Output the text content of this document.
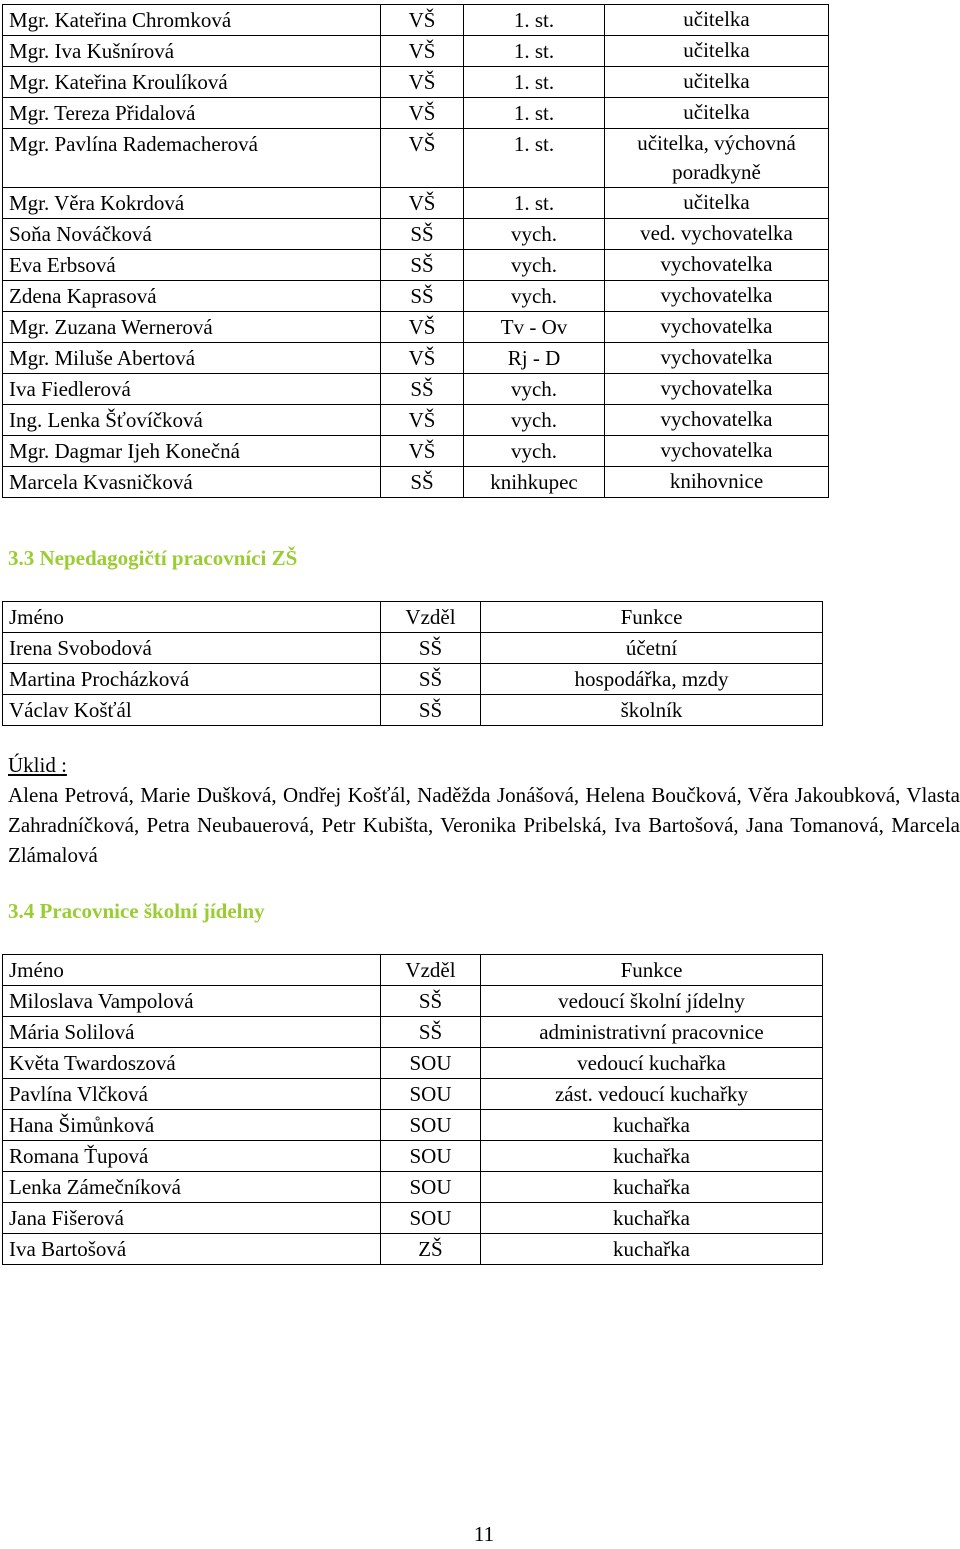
Mgr. Kateřina Chromková	VŠ	1. st.	učitelka
Mgr. Iva Kušnírová	VŠ	1. st.	učitelka
Mgr. Kateřina Kroulíková	VŠ	1. st.	učitelka
Mgr. Tereza Přidalová	VŠ	1. st.	učitelka
Mgr. Pavlína Rademacherová	VŠ	1. st.	učitelka, výchovná poradkyně
Mgr. Věra Kokrdová	VŠ	1. st.	učitelka
Soňa Nováčková	SŠ	vych.	ved. vychovatelka
Eva Erbsová	SŠ	vych.	vychovatelka
Zdena Kaprasová	SŠ	vych.	vychovatelka
Mgr. Zuzana Wernerová	VŠ	Tv - Ov	vychovatelka
Mgr. Miluše Abertová	VŠ	Rj - D	vychovatelka
Iva Fiedlerová	SŠ	vych.	vychovatelka
Ing. Lenka Šťovíčková	VŠ	vych.	vychovatelka
Mgr. Dagmar Ijeh Konečná	VŠ	vych.	vychovatelka
Marcela Kvasničková	SŠ	knihkupec	knihovnice
3.3 Nepedagogičtí pracovníci ZŠ
Jméno	Vzděl	Funkce
Irena Svobodová	SŠ	účetní
Martina Procházková	SŠ	hospodářka, mzdy
Václav Košťál	SŠ	školník
Úklid :
Alena Petrová, Marie Dušková, Ondřej Košťál, Naděžda Jonášová, Helena Boučková, Věra Jakoubková, Vlasta Zahradníčková, Petra Neubauerová, Petr Kubišta, Veronika Pribelská, Iva Bartošová, Jana Tomanová, Marcela Zlámalová
3.4 Pracovnice školní jídelny
Jméno	Vzděl	Funkce
Miloslava Vampolová	SŠ	vedoucí školní jídelny
Mária Solilová	SŠ	administrativní pracovnice
Květa Twardoszová	SOU	vedoucí kuchařka
Pavlína Vlčková	SOU	zást. vedoucí kuchařky
Hana Šimůnková	SOU	kuchařka
Romana Ťupová	SOU	kuchařka
Lenka Zámečníková	SOU	kuchařka
Jana Fišerová	SOU	kuchařka
Iva Bartošová	ZŠ	kuchařka
11
